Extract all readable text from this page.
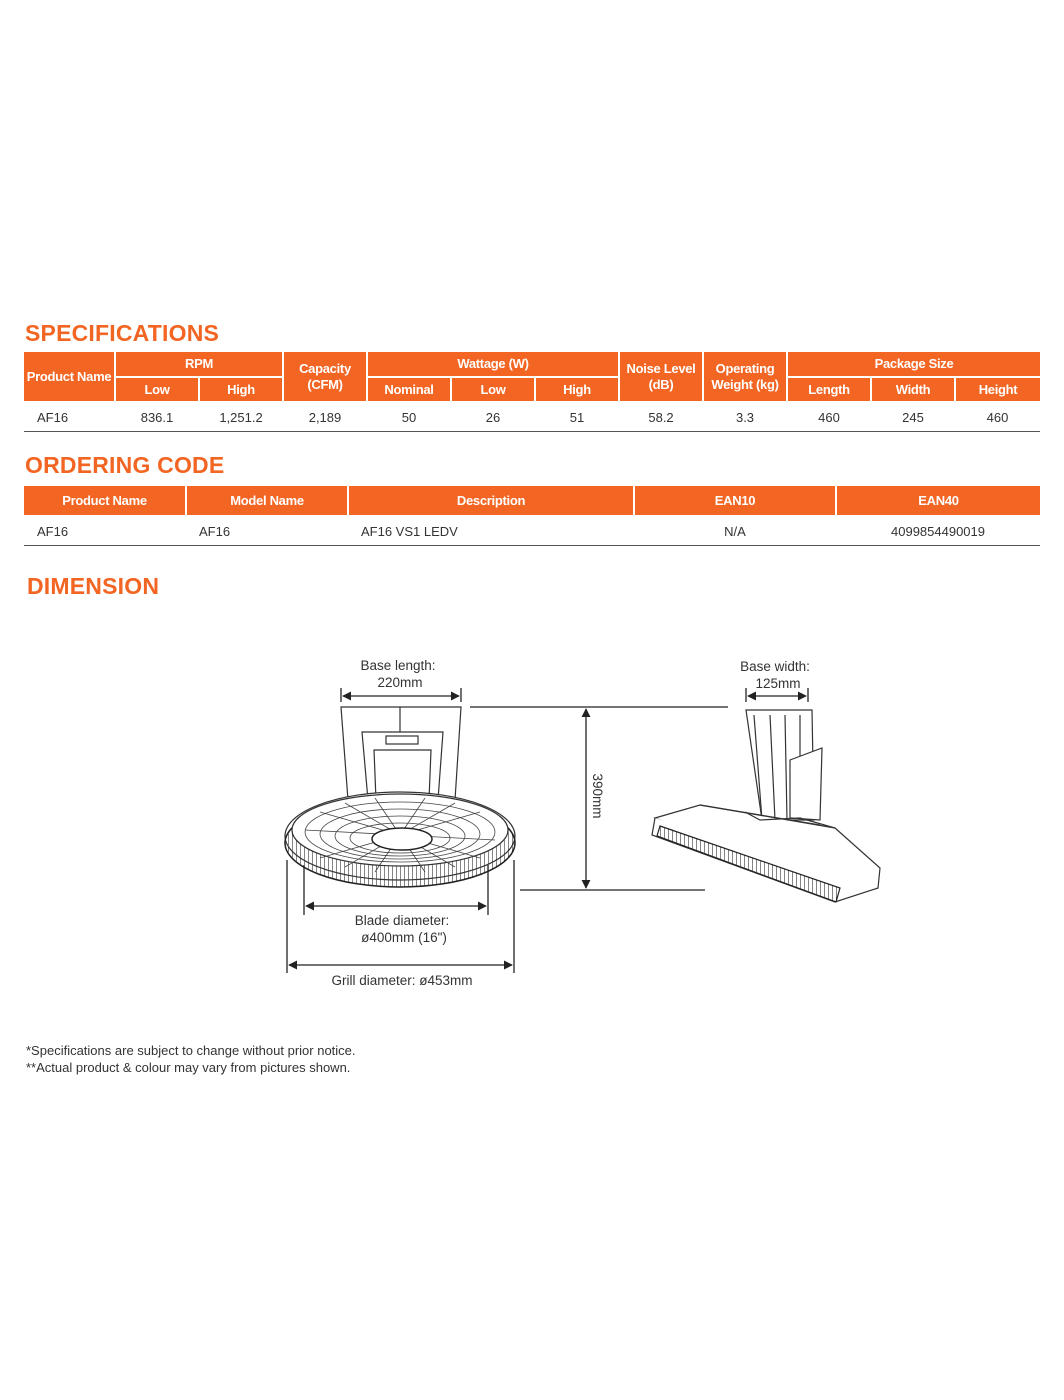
SPECIFICATIONS
Product Name	RPM		Capacity (CFM)	Wattage (W)			Noise Level (dB)	Operating Weight (kg)	Package Size		
	Low	High		Nominal	Low	High			Length	Width	Height
AF16	836.1	1,251.2	2,189	50	26	51	58.2	3.3	460	245	460
ORDERING CODE
Product Name	Model Name	Description	EAN10	EAN40
AF16	AF16	AF16 VS1 LEDV	N/A	4099854490019
DIMENSION
Base length:
220mm
Base width:
125mm
390mm
Blade diameter:
ø400mm (16")
Grill diameter: ø453mm
*Specifications are subject to change without prior notice.
**Actual product & colour may vary from pictures shown.
